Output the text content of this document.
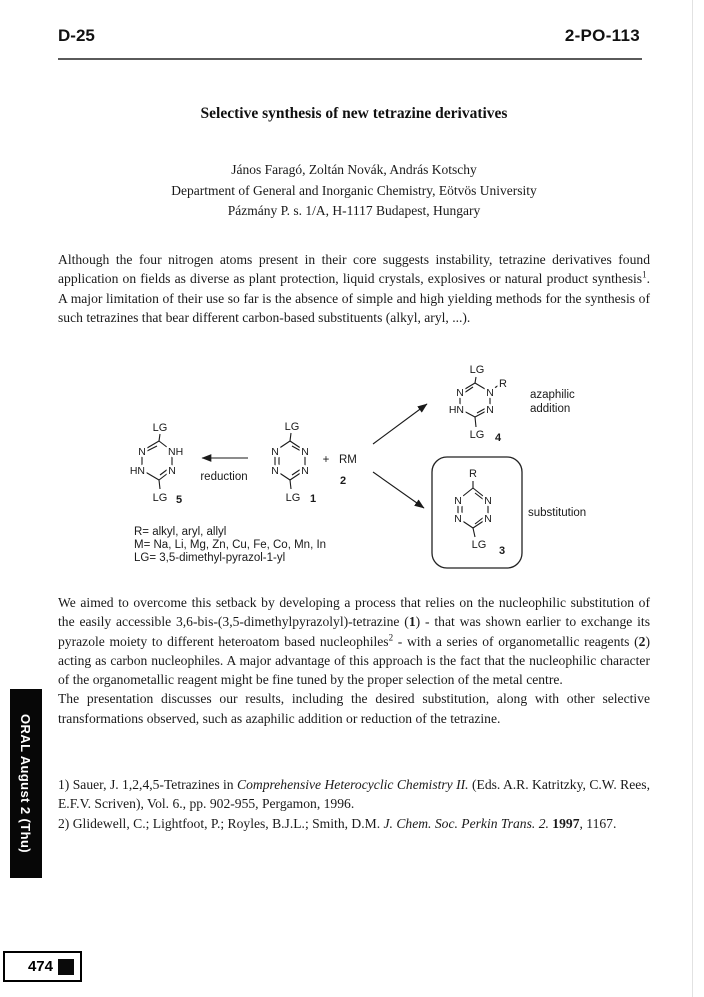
D-25	2-PO-113
Selective synthesis of new tetrazine derivatives
János Faragó, Zoltán Novák, András Kotschy
Department of General and Inorganic Chemistry, Eötvös University
Pázmány P. s. 1/A, H-1117 Budapest, Hungary
Although the four nitrogen atoms present in their core suggests instability, tetrazine derivatives found application on fields as diverse as plant protection, liquid crystals, explosives or natural product synthesis$^1$. A major limitation of their use so far is the absence of simple and high yielding methods for the synthesis of such tetrazines that bear different carbon-based substituents (alkyl, aryl, ...).
LG
N NH
HN N
LG 5
reduction
LG
N N
N N
LG 1
+ RM
2
LG
N N
R
HN N
LG 4
azaphilic
addition
R
N N
N N
LG 3
substitution
R= alkyl, aryl, allyl
M= Na, Li, Mg, Zn, Cu, Fe, Co, Mn, In
LG= 3,5-dimethyl-pyrazol-1-yl

We aimed to overcome this setback by developing a process that relies on the nucleophilic substitution of the easily accessible 3,6-bis-(3,5-dimethylpyrazolyl)-tetrazine (1) - that was shown earlier to exchange its pyrazole moiety to different heteroatom based nucleophiles$^2$ - with a series of organometallic reagents (2) acting as carbon nucleophiles. A major advantage of this approach is the fact that the nucleophilic character of the organometallic reagent might be fine tuned by the proper selection of the metal centre.

The presentation discusses our results, including the desired substitution, along with other selective transformations observed, such as azaphilic addition or reduction of the tetrazine.

1) Sauer, J. 1,2,4,5-Tetrazines in Comprehensive Heterocyclic Chemistry II. (Eds. A.R. Katritzky, C.W. Rees, E.F.V. Scriven), Vol. 6., pp. 902-955, Pergamon, 1996.

2) Glidewell, C.; Lightfoot, P.; Royles, B.J.L.; Smith, D.M. J. Chem. Soc. Perkin Trans. 2. 1997, 1167.

ORAL August 2 (Thu)
474
